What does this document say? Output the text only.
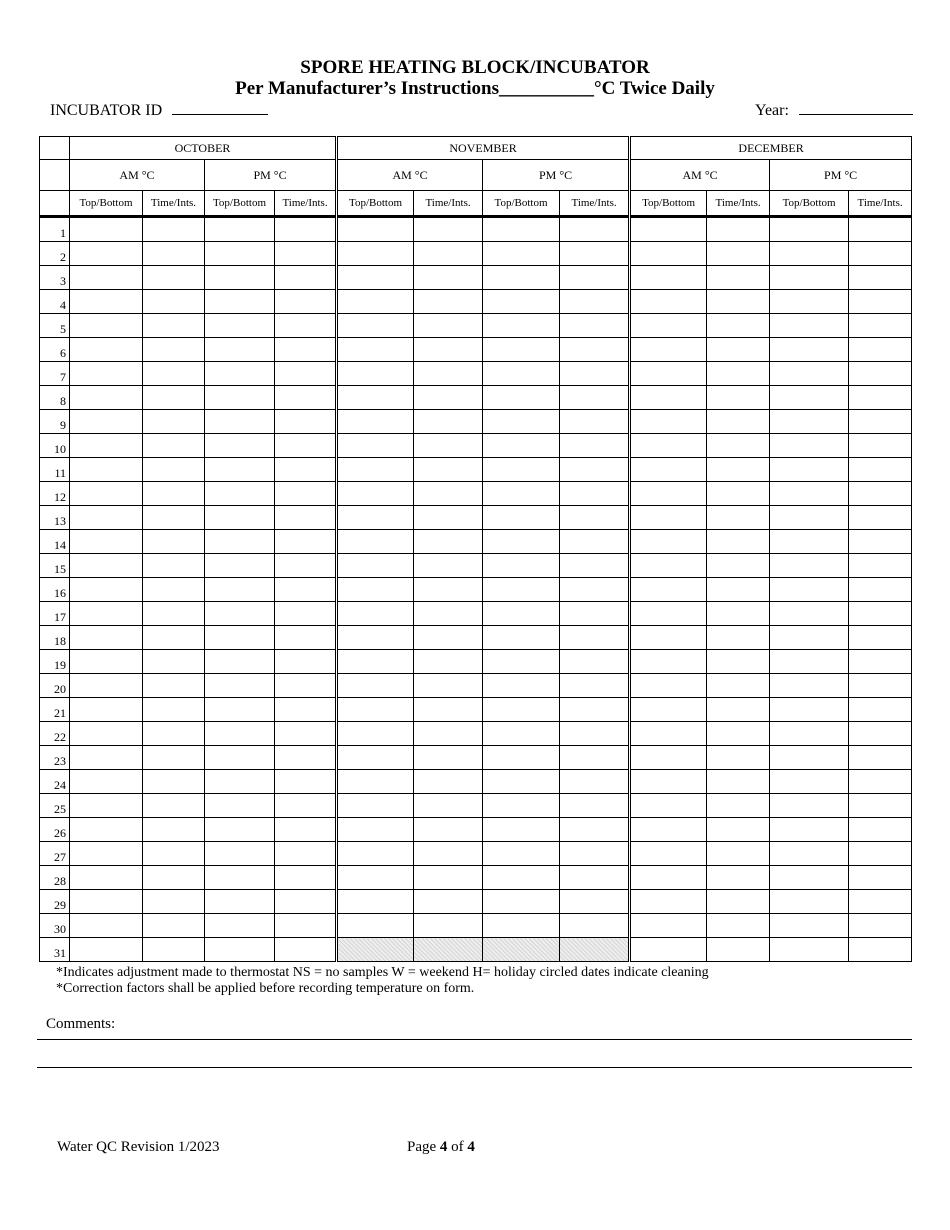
SPORE HEATING BLOCK/INCUBATOR
Per Manufacturer’s Instructions__________°C Twice Daily
INCUBATOR ID	Year:
	OCTOBER				NOVEMBER				DECEMBER			
	AM °C		PM °C		AM °C		PM °C		AM °C		PM °C	
	Top/Bottom	Time/Ints.	Top/Bottom	Time/Ints.	Top/Bottom	Time/Ints.	Top/Bottom	Time/Ints.	Top/Bottom	Time/Ints.	Top/Bottom	Time/Ints.
1												
2												
3												
4												
5												
6												
7												
8												
9												
10												
11												
12												
13												
14												
15												
16												
17												
18												
19												
20												
21												
22												
23												
24												
25												
26												
27												
28												
29												
30												
31												
*Indicates adjustment made to thermostat NS = no samples W = weekend H= holiday circled dates indicate cleaning
*Correction factors shall be applied before recording temperature on form.
Comments:
Water QC Revision 1/2023	Page 4 of 4
